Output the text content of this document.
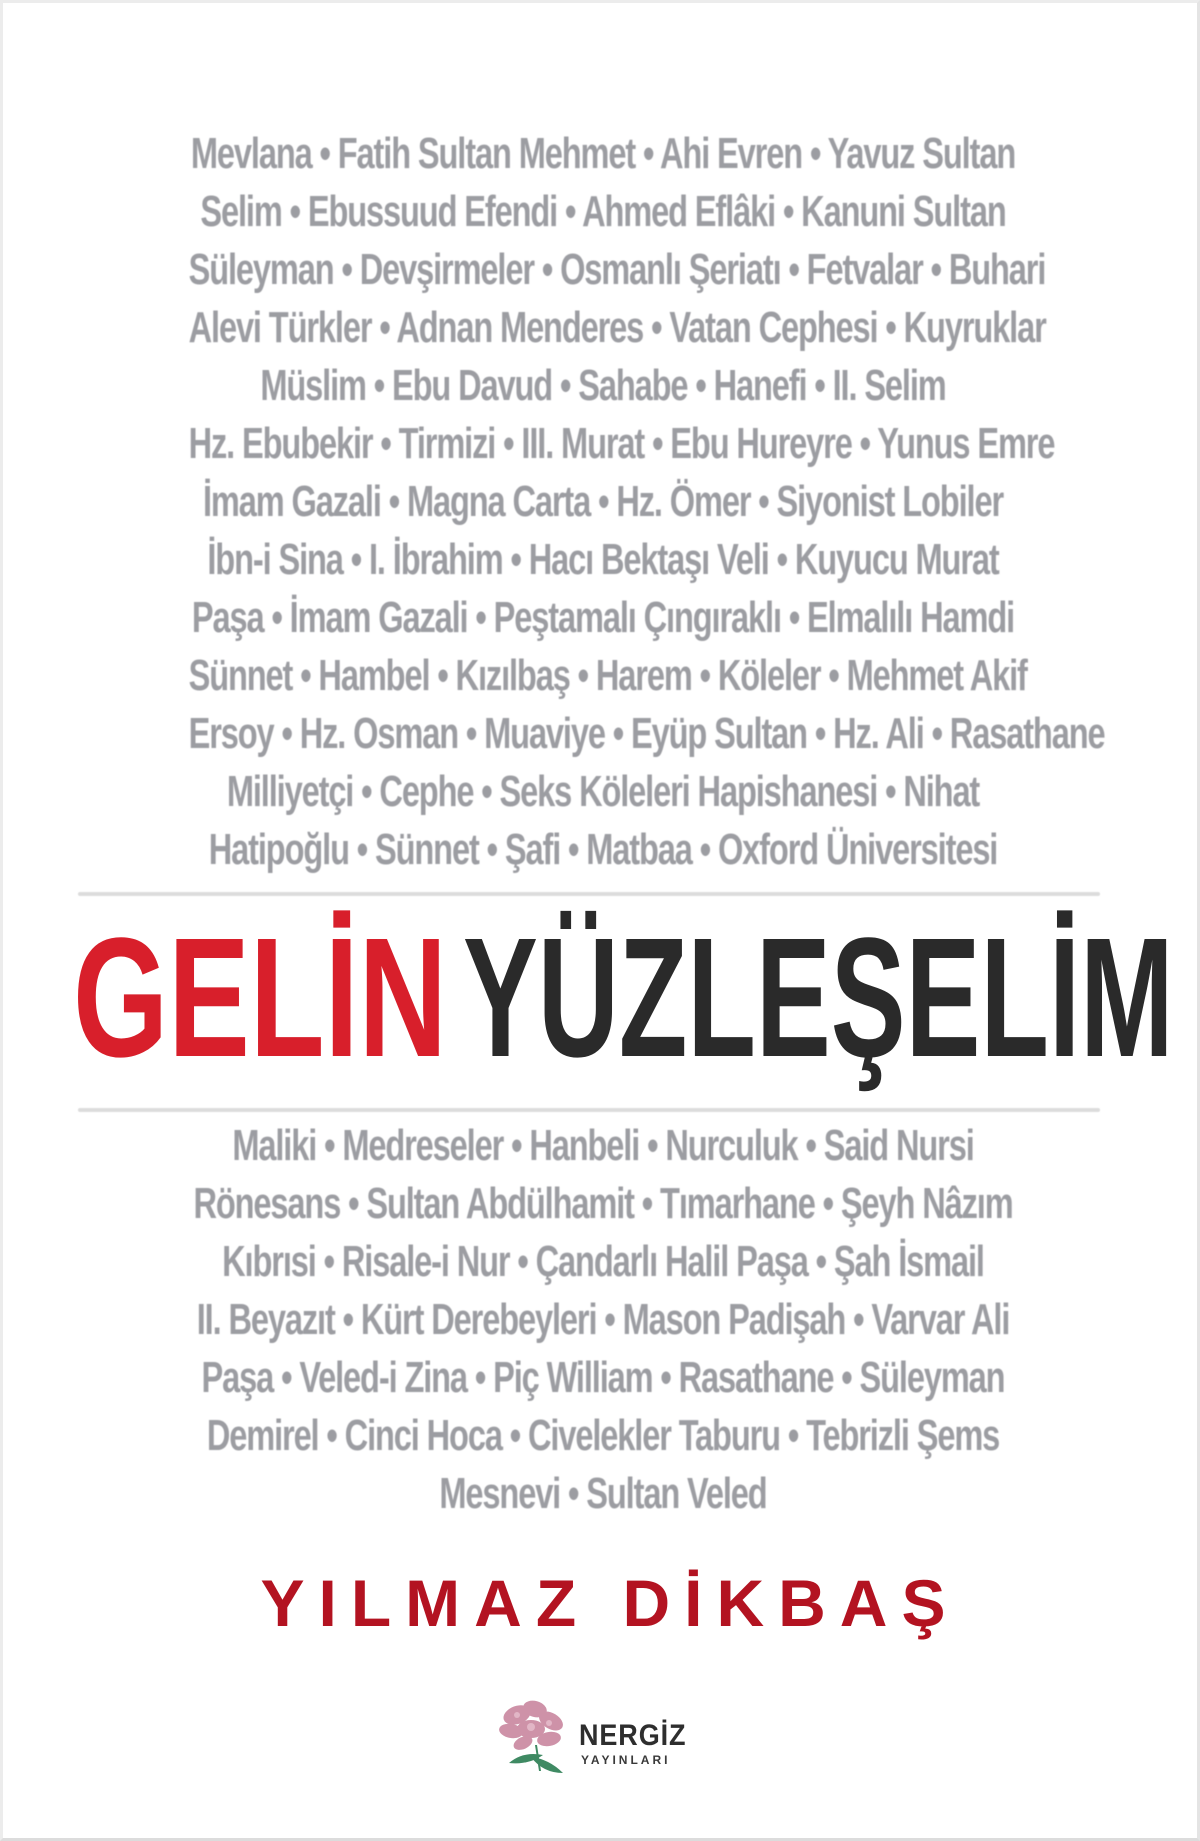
Mevlana • Fatih Sultan Mehmet • Ahi Evren • Yavuz Sultan
Selim • Ebussuud Efendi • Ahmed Eflâki • Kanuni Sultan
Süleyman • Devşirmeler • Osmanlı Şeriatı • Fetvalar • Buhari
Alevi Türkler • Adnan Menderes • Vatan Cephesi • Kuyruklar
Müslim • Ebu Davud • Sahabe • Hanefi • II. Selim
Hz. Ebubekir • Tirmizi • III. Murat • Ebu Hureyre • Yunus Emre
İmam Gazali • Magna Carta • Hz. Ömer • Siyonist Lobiler
İbn-i Sina • I. İbrahim • Hacı Bektaşı Veli • Kuyucu Murat
Paşa • İmam Gazali • Peştamalı Çıngıraklı • Elmalılı Hamdi
Sünnet • Hambel • Kızılbaş • Harem • Köleler • Mehmet Akif
Ersoy • Hz. Osman • Muaviye • Eyüp Sultan • Hz. Ali • Rasathane
Milliyetçi • Cephe • Seks Köleleri Hapishanesi • Nihat
Hatipoğlu • Sünnet • Şafi • Matbaa • Oxford Üniversitesi
GELİN YÜZLEŞELİM
Maliki • Medreseler • Hanbeli • Nurculuk • Said Nursi
Rönesans • Sultan Abdülhamit • Tımarhane • Şeyh Nâzım
Kıbrısi • Risale-i Nur • Çandarlı Halil Paşa • Şah İsmail
II. Beyazıt • Kürt Derebeyleri • Mason Padişah • Varvar Ali
Paşa • Veled-i Zina • Piç William • Rasathane • Süleyman
Demirel • Cinci Hoca • Civelekler Taburu • Tebrizli Şems
Mesnevi • Sultan Veled
YILMAZ DİKBAŞ
NERGİZ
YAYINLARI
